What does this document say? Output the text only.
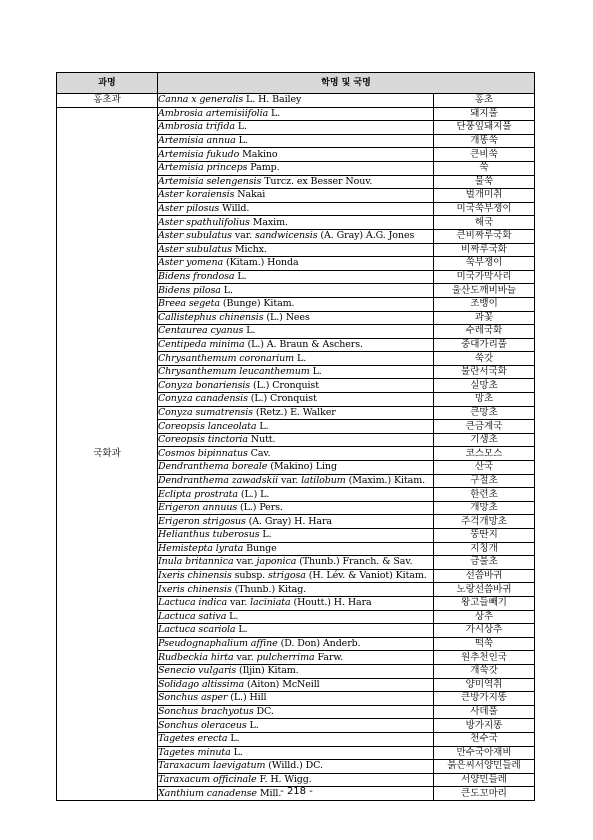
과명	학명 및 국명	
홍초과	Canna x generalis L. H. Bailey	홍초
국화과	Ambrosia artemisiifolia L.	돼지풀
	Ambrosia trifida L.	단풍잎돼지풀
	Artemisia annua L.	개똥쑥
	Artemisia fukudo Makino	큰비쑥
	Artemisia princeps Pamp.	쑥
	Artemisia selengensis Turcz. ex Besser Nouv.	물쑥
	Aster koraiensis Nakai	벌개미취
	Aster pilosus Willd.	미국쑥부쟁이
	Aster spathulifolius Maxim.	해국
	Aster subulatus var. sandwicensis (A. Gray) A.G. Jones	큰비짜루국화
	Aster subulatus Michx.	비짜루국화
	Aster yomena (Kitam.) Honda	쑥부쟁이
	Bidens frondosa L.	미국가막사리
	Bidens pilosa L.	울산도깨비바늘
	Breea segeta (Bunge) Kitam.	조뱅이
	Callistephus chinensis (L.) Nees	과꽃
	Centaurea cyanus L.	수레국화
	Centipeda minima (L.) A. Braun & Aschers.	중대가리풀
	Chrysanthemum coronarium L.	쑥갓
	Chrysanthemum leucanthemum L.	불란서국화
	Conyza bonariensis (L.) Cronquist	실망초
	Conyza canadensis (L.) Cronquist	망초
	Conyza sumatrensis (Retz.) E. Walker	큰망초
	Coreopsis lanceolata L.	큰금계국
	Coreopsis tinctoria Nutt.	기생초
	Cosmos bipinnatus Cav.	코스모스
	Dendranthema boreale (Makino) Ling	산국
	Dendranthema zawadskii var. latilobum (Maxim.) Kitam.	구절초
	Eclipta prostrata (L.) L.	한련초
	Erigeron annuus (L.) Pers.	개망초
	Erigeron strigosus (A. Gray) H. Hara	주걱개망초
	Helianthus tuberosus L.	뚱딴지
	Hemistepta lyrata Bunge	지칭개
	Inula britannica var. japonica (Thunb.) Franch. & Sav.	금불초
	Ixeris chinensis subsp. strigosa (H. Lév. & Vaniot) Kitam.	선씀바귀
	Ixeris chinensis (Thunb.) Kitag.	노랑선씀바귀
	Lactuca indica var. laciniata (Houtt.) H. Hara	왕고들빼기
	Lactuca sativa L.	상추
	Lactuca scariola L.	가시상추
	Pseudognaphalium affine (D. Don) Anderb.	떡쑥
	Rudbeckia hirta var. pulcherrima Farw.	원추천인국
	Senecio vulgaris (Iljin) Kitam.	개쑥갓
	Solidago altissima (Aiton) McNeill	양미역취
	Sonchus asper (L.) Hill	큰방가지똥
	Sonchus brachyotus DC.	사데풀
	Sonchus oleraceus L.	방가지똥
	Tagetes erecta L.	천수국
	Tagetes minuta L.	만수국아재비
	Taraxacum laevigatum (Willd.) DC.	붉은씨서양민들레
	Taraxacum officinale F. H. Wigg.	서양민들레
	Xanthium canadense Mill.	큰도꼬마리
- 218 -
